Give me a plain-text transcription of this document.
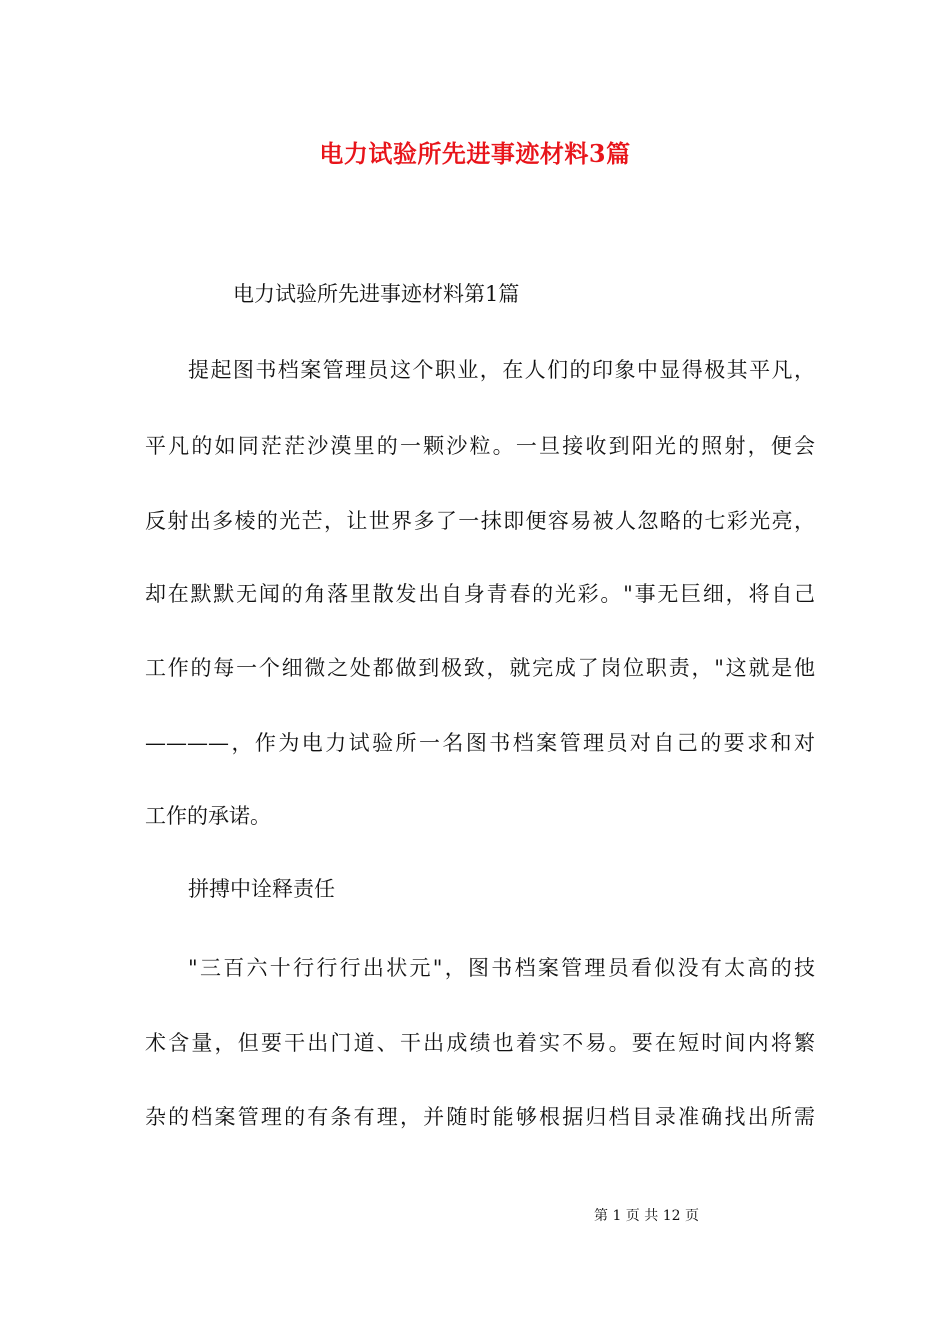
电力试验所先进事迹材料3篇
电力试验所先进事迹材料第1篇
提起图书档案管理员这个职业，在人们的印象中显得极其平凡，
平凡的如同茫茫沙漠里的一颗沙粒。一旦接收到阳光的照射，便会
反射出多棱的光芒，让世界多了一抹即便容易被人忽略的七彩光亮，
却在默默无闻的角落里散发出自身青春的光彩。"事无巨细，将自己
工作的每一个细微之处都做到极致，就完成了岗位职责，"这就是他
————，作为电力试验所一名图书档案管理员对自己的要求和对
工作的承诺。
拼搏中诠释责任
"三百六十行行行出状元"，图书档案管理员看似没有太高的技
术含量，但要干出门道、干出成绩也着实不易。要在短时间内将繁
杂的档案管理的有条有理，并随时能够根据归档目录准确找出所需
第 1 页 共 12 页
